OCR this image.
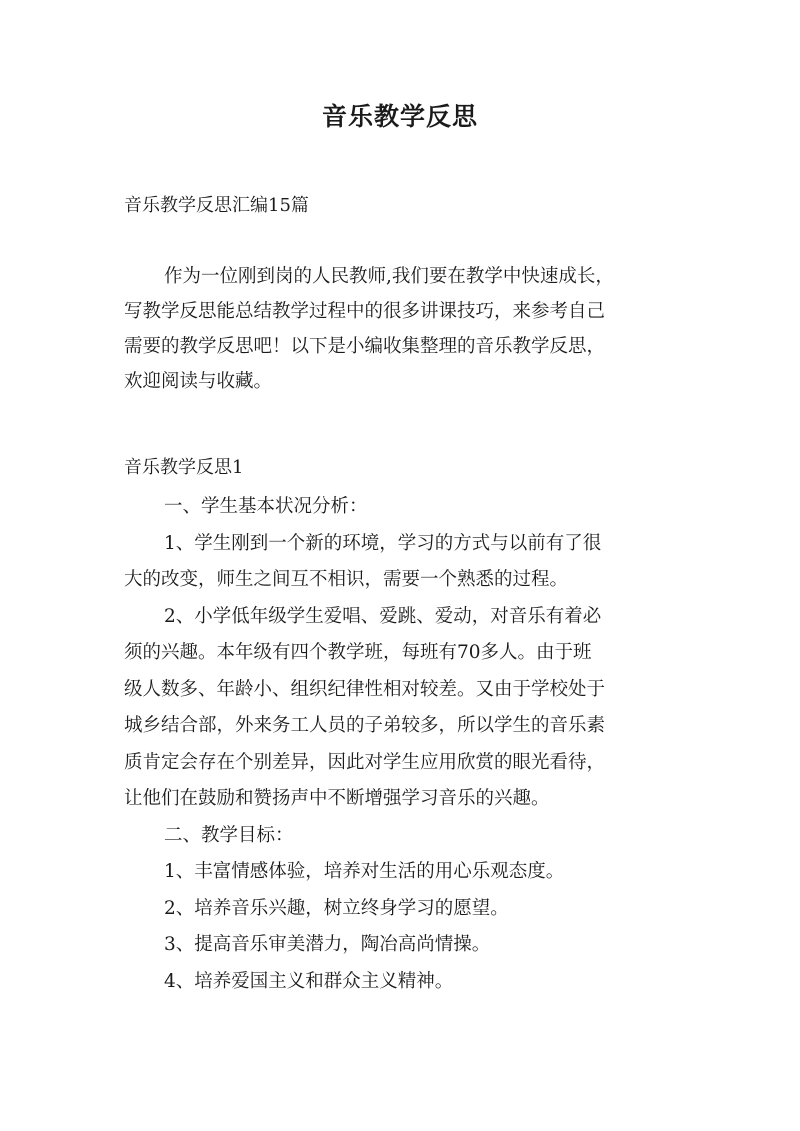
音乐教学反思

音乐教学反思汇编15篇

作为一位刚到岗的人民教师,我们要在教学中快速成长，
写教学反思能总结教学过程中的很多讲课技巧，来参考自己
需要的教学反思吧！以下是小编收集整理的音乐教学反思，
欢迎阅读与收藏。

音乐教学反思1

一、学生基本状况分析：
1、学生刚到一个新的环境，学习的方式与以前有了很
大的改变，师生之间互不相识，需要一个熟悉的过程。
2、小学低年级学生爱唱、爱跳、爱动，对音乐有着必
须的兴趣。本年级有四个教学班，每班有70多人。由于班
级人数多、年龄小、组织纪律性相对较差。又由于学校处于
城乡结合部，外来务工人员的子弟较多，所以学生的音乐素
质肯定会存在个别差异，因此对学生应用欣赏的眼光看待，
让他们在鼓励和赞扬声中不断增强学习音乐的兴趣。
二、教学目标：
1、丰富情感体验，培养对生活的用心乐观态度。
2、培养音乐兴趣，树立终身学习的愿望。
3、提高音乐审美潜力，陶冶高尚情操。
4、培养爱国主义和群众主义精神。
